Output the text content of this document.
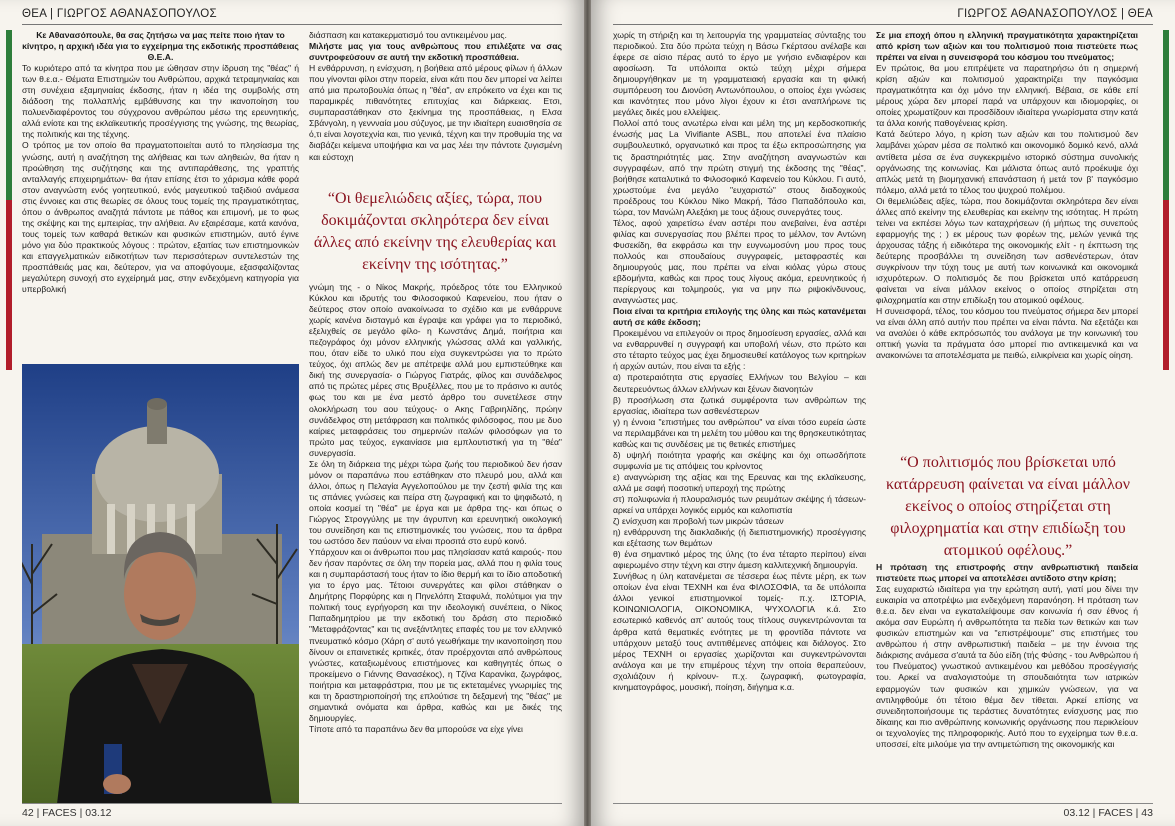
ΘΕΑ | ΓΙΩΡΓΟΣ ΑΘΑΝΑΣΟΠΟΥΛΟΣ

Κε Αθανασόπουλε, θα σας ζητήσω να μας πείτε ποιο ήταν το κίνητρο, η αρχική ιδέα για το εγχείρημα της εκδοτικής προσπάθειας Θ.Ε.Α.

Το κυριότερο από τα κίνητρα που με ώθησαν στην ίδρυση της "θέας" ή των θ.ε.α.- Θέματα Επιστημών του Ανθρώπου, αρχικά τετραμηνιαίας και στη συνέχεια εξαμηνιαίας έκδοσης, ήταν η ιδέα της συμβολής στη διάδοση της πολλαπλής εμβάθυνσης και την ικανοποίηση του πολυενδιαφέροντος του σύγχρονου ανθρώπου μέσω της ερευνητικής, αλλά ενίοτε και της εκλαϊκευτικής προσέγγισης της γνώσης, της θεωρίας, της πολιτικής και της τέχνης.

Ο τρόπος με τον οποίο θα πραγματοποιείται αυτό το πλησίασμα της γνώσης, αυτή η αναζήτηση της αλήθειας και των αληθειών, θα ήταν η προώθηση της συζήτησης και της αντιπαράθεσης, της γραπτής ανταλλαγής επιχειρημάτων- θα ήταν επίσης έτσι το χάρισμα κάθε φορά στον αναγνώστη ενός γοητευτικού, ενός μαγευτικού ταξιδιού ανάμεσα στις έννοιες και στις θεωρίες σε όλους τους τομείς της πραγματικότητας, όπου ο άνθρωπος αναζητά πάντοτε με πάθος και επιμονή, με το φως της σκέψης και της εμπειρίας, την αλήθεια. Αν εξαιρέσαμε, κατά κανόνα, τους τομείς των καθαρά θετικών και φυσικών επιστημών, αυτό έγινε μόνο για δύο πρακτικούς λόγους : πρώτον, εξαιτίας των επιστημονικών και επαγγελματικών ειδικοτήτων των περισσότερων συντελεστών της προσπάθειάς μας και, δεύτερον, για να αποφύγουμε, εξασφαλίζοντας μεγαλύτερη συνοχή στο εγχείρημά μας, στην ενδεχόμενη κατηγορία για υπερβολική

διάσπαση και κατακερματισμό του αντικειμένου μας.

Μιλήστε μας για τους ανθρώπους που επιλέξατε να σας συντροφεύσουν σε αυτή την εκδοτική προσπάθεια.

Η ενθάρρυνση, η ενίσχυση, η βοήθεια από μέρους φίλων ή άλλων που γίνονται φίλοι στην πορεία, είναι κάτι που δεν μπορεί να λείπει από μια πρωτοβουλία όπως η "θέα", αν επρόκειτο να έχει και τις παραμικρές πιθανότητες επιτυχίας και διάρκειας. Ετσι, συμπαραστάθηκαν στο ξεκίνημα της προσπάθειας, η Ελσα Σβάνγολη, η γεννναία μου σύζυγος, με την ιδιαίτερη ευαισθησία σε ό,τι είναι λογοτεχνία και, πιο γενικά, τέχνη και την προθυμία της να διαβάζει κείμενα υποψήφια και να μας λέει την πάντοτε ζυγισμένη και εύστοχη

“Οι θεμελιώδεις αξίες, τώρα, που δοκιμάζονται σκληρότερα δεν είναι άλλες από εκείνην της ελευθερίας και εκείνην της ισότητας.”

γνώμη της - ο Νίκος Μακρής, πρόεδρος τότε του Ελληνικού Κύκλου και ιδρυτής του Φιλοσοφικού Καφενείου, που ήταν ο δεύτερος στον οποίο ανακοίνωσα το σχέδιο και με ενθάρρυνε χωρίς κανένα δισταγμό και έγραψε και γράφει για το περιοδικό, εξελιχθείς σε μεγάλο φίλο- η Κωνστάνς Δημά, ποιήτρια και πεζογράφος όχι μόνον ελληνικής γλώσσας αλλά και γαλλικής, που, όταν είδε το υλικό που είχα συγκεντρώσει για το πρώτο τεύχος, όχι απλώς δεν με απέτρεψε αλλά μου εμπιστεύθηκε και δική της συνεργασία- ο Γιώργος Γιατράς, φίλος και συνάδελφος από τις πρώτες μέρες στις Βρυξέλλες, που με το πράσινο κι αυτός φως του και με ένα μεστό άρθρο του συνετέλεσε στην ολοκλήρωση του αου τεύχους- ο Ακης Γαβριηλίδης, πρώην συνάδελφος στη μετάφραση και πολιτικός φιλόσοφος, που με δυο καίριες μεταφράσεις του σημερινών ιταλών φιλοσόφων για το πρώτο μας τεύχος, εγκαινίασε μια εμπλουτιστική για τη "θέα" συνεργασία.

Σε όλη τη διάρκεια της μέχρι τώρα ζωής του περιοδικού δεν ήσαν μόνον οι παραπάνω που εστάθηκαν στο πλευρό μου, αλλά και άλλοι, όπως η Πελαγία Αγγελοπούλου με την ζεστή φιλία της και τις σπάνιες γνώσεις και πείρα στη ζωγραφική και το ψηφιδωτό, η οποία κοσμεί τη "θέα" με έργα και με άρθρα της- και όπως ο Γιώργος Στρογγύλης με την άγρυπνη και ερευνητική οικολογική του συνείδηση και τις επιστημονικές του γνώσεις, που τα άρθρα του ωστόσο δεν παύουν να είναι προσιτά στο ευρύ κοινό.

Υπάρχουν και οι άνθρωποι που μας πλησίασαν κατά καιρούς- που δεν ήσαν παρόντες σε όλη την πορεία μας, αλλά που η φιλία τους και η συμπαράστασή τους ήταν το ίδιο θερμή και το ίδιο αποδοτική για το έργο μας. Τέτοιοι συνεργάτες και φίλοι στάθηκαν ο Δημήτρης Πορφύρης και η Πηνελόπη Σταφυλά, πολύτιμοι για την πολιτική τους εγρήγορση και την ιδεολογική συνέπεια, ο Νίκος Παπαδημητρίου με την εκδοτική του δράση στο περιοδικό "Μεταφράζοντας" και τις ανεξάντλητες επαφές του με τον ελληνικό πνευματικό κόσμο (Χάρη σ' αυτό γεωθήκαμε την ικανοποίηση που δίνουν οι επαινετικές κριτικές, όταν προέρχονται από ανθρώπους γνώστες, καταξιωμένους επιστήμονες και καθηγητές όπως ο προκείμενο ο Γιάννης Θανασέκος), η Τζίνα Καρανίκα, ζωγράφος, ποιήτρια και μεταφράστρια, που με τις εκτεταμένες γνωριμίες της και τη δραστηριοποίησή της επλούτισε τη δεξαμενή της "θέας" με σημαντικά ονόματα και άρθρα, καθώς και με δικές της δημιουργίες.

Τίποτε από τα παραπάνω δεν θα μπορούσε να είχε γίνει

42 | FACES | 03.12
ΓΙΩΡΓΟΣ ΑΘΑΝΑΣΟΠΟΥΛΟΣ | ΘΕΑ

χωρίς τη στήριξη και τη λειτουργία της γραμματείας σύνταξης του περιοδικού. Στα δύο πρώτα τεύχη η Βάσω Γκέρτσου ανέλαβε και έφερε σε αίσιο πέρας αυτό το έργο με γνήσιο ενδιαφέρον και αφοσίωση. Τα υπόλοιπα οκτώ τεύχη μέχρι σήμερα δημιουργήθηκαν με τη γραμματειακή εργασία και τη φιλική συμπόρευση του Διονύση Αντωνόπουλου, ο οποίος έχει γνώσεις και ικανότητες που μόνο λίγοι έχουν κι έτσι αναπλήρωνε τις μεγάλες δικές μου ελλείψεις.

Πολλοί από τους ανωτέρω είναι και μέλη της μη κερδοσκοπικής ένωσής μας La Vivifiante ASBL, που αποτελεί ένα πλαίσιο συμβουλευτικό, οργανωτικό και προς τα έξω εκπροσώπησης για τις δραστηριότητές μας. Στην αναζήτηση αναγνωστών και συγγραφέων, από την πρώτη στιγμή της έκδοσης της "θέας", βοήθησε καταλυτικά το Φιλοσοφικό Καφενείο του Κύκλου. Γι αυτό, χρωστούμε ένα μεγάλο "ευχαριστώ" στους διαδοχικούς προέδρους του Κύκλου Νίκο Μακρή, Τάσο Παπαδόπουλο και, τώρα, τον Μανώλη Αλεξάκη με τους άξιους συνεργάτες τους.

Τέλος, αφού χαιρετίσω έναν αστέρι που ανεβαίνει, ένα αστέρι φιλίας και συνεργασίας που βλέπει προς το μέλλον, τον Αντώνη Φυσεκίδη, θα εκφράσω και την ευγνωμοσύνη μου προς τους πολλούς και σπουδαίους συγγραφείς, μεταφραστές και δημιουργούς μας, που πρέπει να είναι κιόλας γύρω στους εβδομήντα, καθώς και προς τους λίγους ακόμα, ερευνητικούς ή περίεργους και τολμηρούς, για να μην πω ριψοκίνδυνους, αναγνώστες μας.

Ποια είναι τα κριτήρια επιλογής της ύλης και πώς κατανέμεται αυτή σε κάθε έκδοση;

Προκειμένου να επιλεγούν οι προς δημοσίευση εργασίες, αλλά και να ενθαρρυνθεί η συγγραφή και υποβολή νέων, στο πρώτο και στο τέταρτο τεύχος μας έχει δημοσιευθεί κατάλογος των κριτηρίων ή αρχών αυτών, που είναι τα εξής :

α) προτεραιότητα στις εργασίες Ελλήνων του Βελγίου – και δευτερευόντως άλλων ελλήνων και ξένων διανοητών

β) προσήλωση στα ζωτικά συμφέροντα των ανθρώπων της εργασίας, ιδιαίτερα των ασθενέστερων

γ) η έννοια "επιστήμες του ανθρώπου" να είναι τόσο ευρεία ώστε να περιλαμβάνει και τη μελέτη του μύθου και της θρησκευτικότητας καθώς και τις συνδέσεις με τις θετικές επιστήμες

δ) υψηλή ποιότητα γραφής και σκέψης και όχι οπωσδήποτε συμφωνία με τις απόψεις του κρίνοντος

ε) αναγνώριση της αξίας και της Ερευνας και της εκλαϊκευσης, αλλά με σαφή ποσοτική υπεροχή της πρώτης

στ) πολυφωνία ή πλουραλισμός των ρευμάτων σκέψης ή τάσεων- αρκεί να υπάρχει λογικός ειρμός και καλοπιστία

ζ) ενίσχυση και προβολή των μικρών τάσεων

η) ενθάρρυνση της διακλαδικής (ή διεπιστημονικής) προσέγγισης και εξέτασης των θεμάτων

θ) ένα σημαντικό μέρος της ύλης (το ένα τέταρτο περίπου) είναι αφιερωμένο στην τέχνη και στην άμεση καλλιτεχνική δημιουργία.

Συνήθως η ύλη κατανέμεται σε τέσσερα έως πέντε μέρη, εκ των οποίων ένα είναι ΤΕΧΝΗ και ένα ΦΙΛΟΣΟΦΙΑ, τα δε υπόλοιπα άλλοι γενικοί επιστημονικοί τομείς- π.χ. ΙΣΤΟΡΙΑ, ΚΟΙΝΩΝΙΟΛΟΓΙΑ, ΟΙΚΟΝΟΜΙΚΑ, ΨΥΧΟΛΟΓΙΑ κ.ά. Στο εσωτερικό καθενός απ' αυτούς τους τίτλους συγκεντρώνονται τα άρθρα κατά θεματικές ενότητες με τη φροντίδα πάντοτε να υπάρχουν μεταξύ τους αντιτιθέμενες απόψεις και διάλογος. Στο μέρος ΤΕΧΝΗ οι εργασίες χωρίζονται και συγκεντρώνονται ανάλογα και με την επιμέρους τέχνη την οποία θεραπεύουν, σχολιάζουν ή κρίνουν- π.χ. ζωγραφική, φωτογραφία, κινηματογράφος, μουσική, ποίηση, διήγημα κ.α.

Σε μια εποχή όπου η ελληνική πραγματικότητα χαρακτηρίζεται από κρίση των αξιών και του πολιτισμού ποια πιστεύετε πως πρέπει να είναι η συνεισφορά του κόσμου του πνεύματος;

Εν πρώτοις, θα μου επιτρέψετε να παρατηρήσω ότι η σημερινή κρίση αξιών και πολιτισμού χαρακτηρίζει την παγκόσμια πραγματικότητα και όχι μόνο την ελληνική. Βέβαια, σε κάθε επί μέρους χώρα δεν μπορεί παρά να υπάρχουν και ιδιομορφίες, οι οποίες χρωματίζουν και προσδίδουν ιδιαίτερα γνωρίσματα στην κατά τα άλλα κοινής παθογένειας κρίση.

Κατά δεύτερο λόγο, η κρίση των αξιών και του πολιτισμού δεν λαμβάνει χώραν μέσα σε πολιτικό και οικονομικό δομικό κενό, αλλά αντίθετα μέσα σε ένα συγκεκριμένο ιστορικό σύστημα συνολικής οργάνωσης της κοινωνίας. Και μάλιστα όπως αυτό προέκυψε όχι απλώς μετά τη βιομηχανική επανάσταση ή μετά τον β' παγκόσμιο πόλεμο, αλλά μετά το τέλος του ψυχρού πολέμου.

Οι θεμελιώδεις αξίες, τώρα, που δοκιμάζονται σκληρότερα δεν είναι άλλες από εκείνην της ελευθερίας και εκείνην της ισότητας. Η πρώτη τείνει να εκπέσει λόγω των καταχρήσεων (ή μήπως της συνεπούς εφαρμογής της ; ) εκ μέρους των φορέων της, μελών γενικά της άρχουσας τάξης ή ειδικότερα της οικονομικής ελίτ - η έκπτωση της δεύτερης προσβάλλει τη συνείδηση των ασθενέστερων, όταν συγκρίνουν την τύχη τους με αυτή των κοινωνικά και οικονομικά ισχυρότερων. Ο πολιτισμός δε που βρίσκεται υπό κατάρρευση φαίνεται να είναι μάλλον εκείνος ο οποίος στηρίζεται στη φιλοχρηματία και στην επιδίωξη του ατομικού οφέλους.

Η συνεισφορά, τέλος, του κόσμου του πνεύματος σήμερα δεν μπορεί να είναι άλλη από αυτήν που πρέπει να είναι πάντα. Να εξετάζει και να αναλύει ό κάθε εκπρόσωπός του ανάλογα με την κοινωνική του οπτική γωνία τα πράγματα όσο μπορεί πιο αντικειμενικά και να ανακοινώνει τα αποτελέσματα με πειθώ, ειλικρίνεια και χωρίς οίηση.

“Ο πολιτισμός που βρίσκεται υπό κατάρρευση φαίνεται να είναι μάλλον εκείνος ο οποίος στηρίζεται στη φιλοχρηματία και στην επιδίωξη του ατομικού οφέλους.”

Η πρόταση της επιστροφής στην ανθρωπιστική παιδεία πιστεύετε πως μπορεί να αποτελέσει αντίδοτο στην κρίση;

Σας ευχαριστώ ιδιαίτερα για την ερώτηση αυτή, γιατί μου δίνει την ευκαιρία να αποτρέψω μια ενδεχόμενη παρανόηση. Η πρόταση των θ.ε.α. δεν είναι να εγκαταλείψουμε σαν κοινωνία ή σαν έθνος ή ακόμα σαν Ευρώπη ή ανθρωπότητα τα πεδία των θετικών και των φυσικών επιστημών και να "επιστρέψουμε" στις επιστήμες του ανθρώπου ή στην ανθρωπιστική παιδεία – με την έννοια της διάκρισης ανάμεσα σ'αυτά τα δύο είδη (τής Φύσης - του Ανθρώπου ή του Πνεύματος) γνωστικού αντικειμένου και μεθόδου προσέγγισής του. Αρκεί να αναλογιστούμε τη σπουδαιότητα των ιατρικών εφαρμογών των φυσικών και χημικών γνώσεων, για να αντιληφθούμε ότι τέτοιο θέμα δεν τίθεται. Αρκεί επίσης να συνειδητοποιήσουμε τις τεράστιες δυνατότητες ενίσχυσης μας πιο δίκαιης και πιο ανθρώπινης κοινωνικής οργάνωσης που περικλείουν οι τεχνολογίες της πληροφορικής. Αυτό που το εγχείρημα των θ.ε.α. υποσσεί, είτε μιλούμε για την αντιμετώπιση της οικονομικής και

03.12 | FACES | 43
